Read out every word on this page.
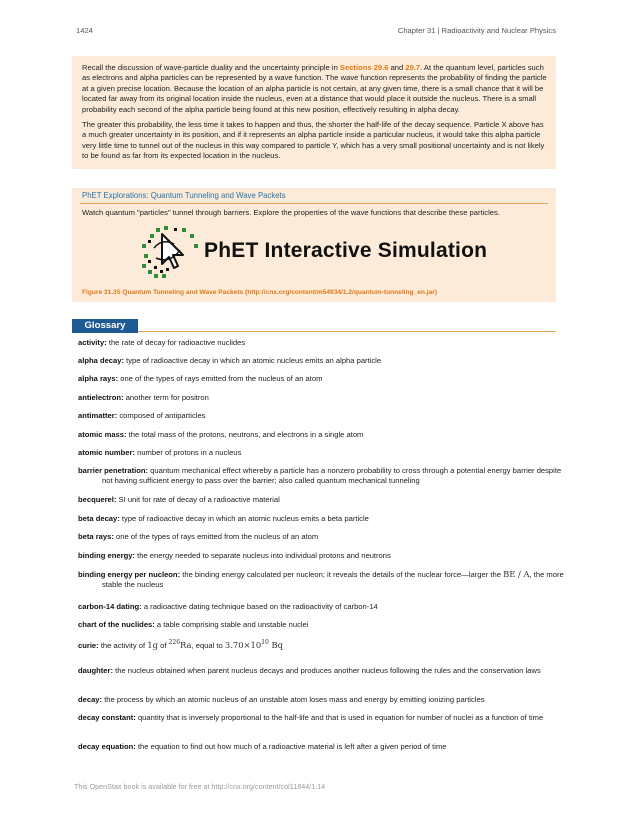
1424	Chapter 31 | Radioactivity and Nuclear Physics

Recall the discussion of wave-particle duality and the uncertainty principle in Sections 29.6 and 29.7. At the quantum level, particles such as electrons and alpha particles can be represented by a wave function. The wave function represents the probability of finding the particle at a given precise location. Because the location of an alpha particle is not certain, at any given time, there is a small chance that it will be located far away from its original location inside the nucleus, even at a distance that would place it outside the nucleus. There is a small probability each second of the alpha particle being found at this new position, effectively resulting in alpha decay.

The greater this probability, the less time it takes to happen and thus, the shorter the half-life of the decay sequence. Particle X above has a much greater uncertainty in its position, and if it represents an alpha particle inside a particular nucleus, it would take this alpha particle very little time to tunnel out of the nucleus in this way compared to particle Y, which has a very small positional uncertainty and is not likely to be found as far from its expected location in the nucleus.

PhET Explorations: Quantum Tunneling and Wave Packets
Watch quantum "particles" tunnel through barriers. Explore the properties of the wave functions that describe these particles.
PhET Interactive Simulation
Figure 31.35 Quantum Tunneling and Wave Packets (http://cnx.org/content/m54934/1.2/quantum-tunneling_en.jar)
Glossary
activity: the rate of decay for radioactive nuclides
alpha decay: type of radioactive decay in which an atomic nucleus emits an alpha particle
alpha rays: one of the types of rays emitted from the nucleus of an atom
antielectron: another term for positron
antimatter: composed of antiparticles
atomic mass: the total mass of the protons, neutrons, and electrons in a single atom
atomic number: number of protons in a nucleus
barrier penetration: quantum mechanical effect whereby a particle has a nonzero probability to cross through a potential energy barrier despite not having sufficient energy to pass over the barrier; also called quantum mechanical tunneling
becquerel: SI unit for rate of decay of a radioactive material
beta decay: type of radioactive decay in which an atomic nucleus emits a beta particle
beta rays: one of the types of rays emitted from the nucleus of an atom
binding energy: the energy needed to separate nucleus into individual protons and neutrons
binding energy per nucleon: the binding energy calculated per nucleon; it reveals the details of the nuclear force—larger the BE / A, the more stable the nucleus
carbon-14 dating: a radioactive dating technique based on the radioactivity of carbon-14
chart of the nuclides: a table comprising stable and unstable nuclei
curie: the activity of 1g of $^{226}$Ra, equal to $3.70\times 10^{10}$ Bq
daughter: the nucleus obtained when parent nucleus decays and produces another nucleus following the rules and the conservation laws
decay: the process by which an atomic nucleus of an unstable atom loses mass and energy by emitting ionizing particles
decay constant: quantity that is inversely proportional to the half-life and that is used in equation for number of nuclei as a function of time
decay equation: the equation to find out how much of a radioactive material is left after a given period of time
This OpenStax book is available for free at http://cnx.org/content/col11844/1.14
